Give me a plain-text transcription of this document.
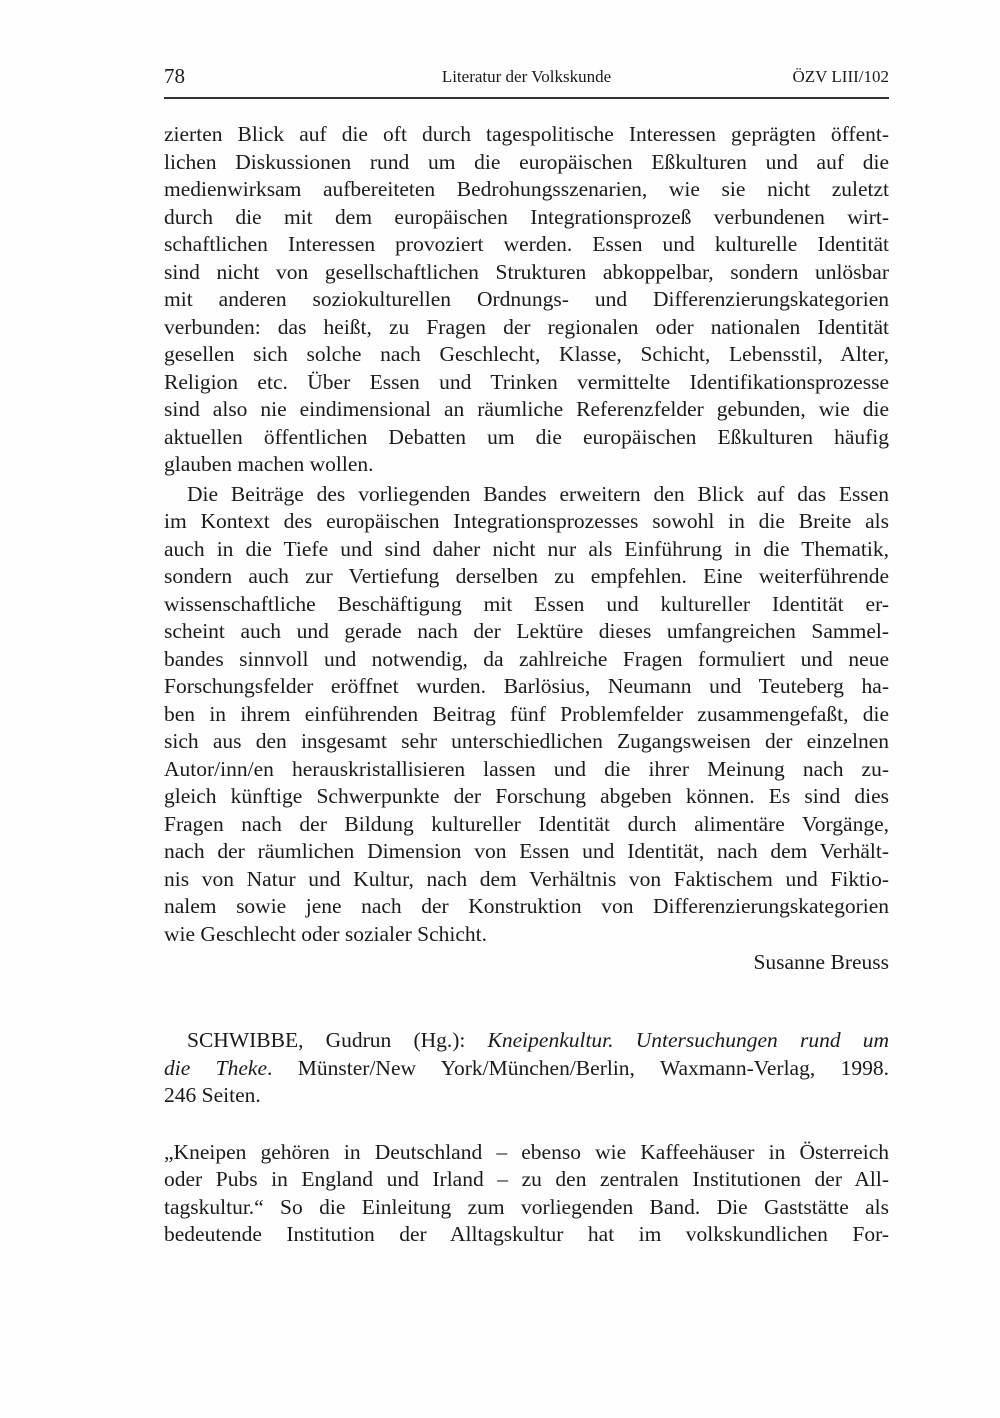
78	Literatur der Volkskunde	ÖZV LIII/102
zierten Blick auf die oft durch tagespolitische Interessen geprägten öffent-
lichen Diskussionen rund um die europäischen Eßkulturen und auf die
medienwirksam aufbereiteten Bedrohungsszenarien, wie sie nicht zuletzt
durch die mit dem europäischen Integrationsprozeß verbundenen wirt-
schaftlichen Interessen provoziert werden. Essen und kulturelle Identität
sind nicht von gesellschaftlichen Strukturen abkoppelbar, sondern unlösbar
mit anderen soziokulturellen Ordnungs- und Differenzierungskategorien
verbunden: das heißt, zu Fragen der regionalen oder nationalen Identität
gesellen sich solche nach Geschlecht, Klasse, Schicht, Lebensstil, Alter,
Religion etc. Über Essen und Trinken vermittelte Identifikationsprozesse
sind also nie eindimensional an räumliche Referenzfelder gebunden, wie die
aktuellen öffentlichen Debatten um die europäischen Eßkulturen häufig
glauben machen wollen.
Die Beiträge des vorliegenden Bandes erweitern den Blick auf das Essen
im Kontext des europäischen Integrationsprozesses sowohl in die Breite als
auch in die Tiefe und sind daher nicht nur als Einführung in die Thematik,
sondern auch zur Vertiefung derselben zu empfehlen. Eine weiterführende
wissenschaftliche Beschäftigung mit Essen und kultureller Identität er-
scheint auch und gerade nach der Lektüre dieses umfangreichen Sammel-
bandes sinnvoll und notwendig, da zahlreiche Fragen formuliert und neue
Forschungsfelder eröffnet wurden. Barlösius, Neumann und Teuteberg ha-
ben in ihrem einführenden Beitrag fünf Problemfelder zusammengefaßt, die
sich aus den insgesamt sehr unterschiedlichen Zugangsweisen der einzelnen
Autor/inn/en herauskristallisieren lassen und die ihrer Meinung nach zu-
gleich künftige Schwerpunkte der Forschung abgeben können. Es sind dies
Fragen nach der Bildung kultureller Identität durch alimentäre Vorgänge,
nach der räumlichen Dimension von Essen und Identität, nach dem Verhält-
nis von Natur und Kultur, nach dem Verhältnis von Faktischem und Fiktio-
nalem sowie jene nach der Konstruktion von Differenzierungskategorien
wie Geschlecht oder sozialer Schicht.
Susanne Breuss
SCHWIBBE, Gudrun (Hg.): Kneipenkultur. Untersuchungen rund um
die Theke. Münster/New York/München/Berlin, Waxmann-Verlag, 1998.
246 Seiten.
„Kneipen gehören in Deutschland – ebenso wie Kaffeehäuser in Österreich
oder Pubs in England und Irland – zu den zentralen Institutionen der All-
tagskultur.“ So die Einleitung zum vorliegenden Band. Die Gaststätte als
bedeutende Institution der Alltagskultur hat im volkskundlichen For-
